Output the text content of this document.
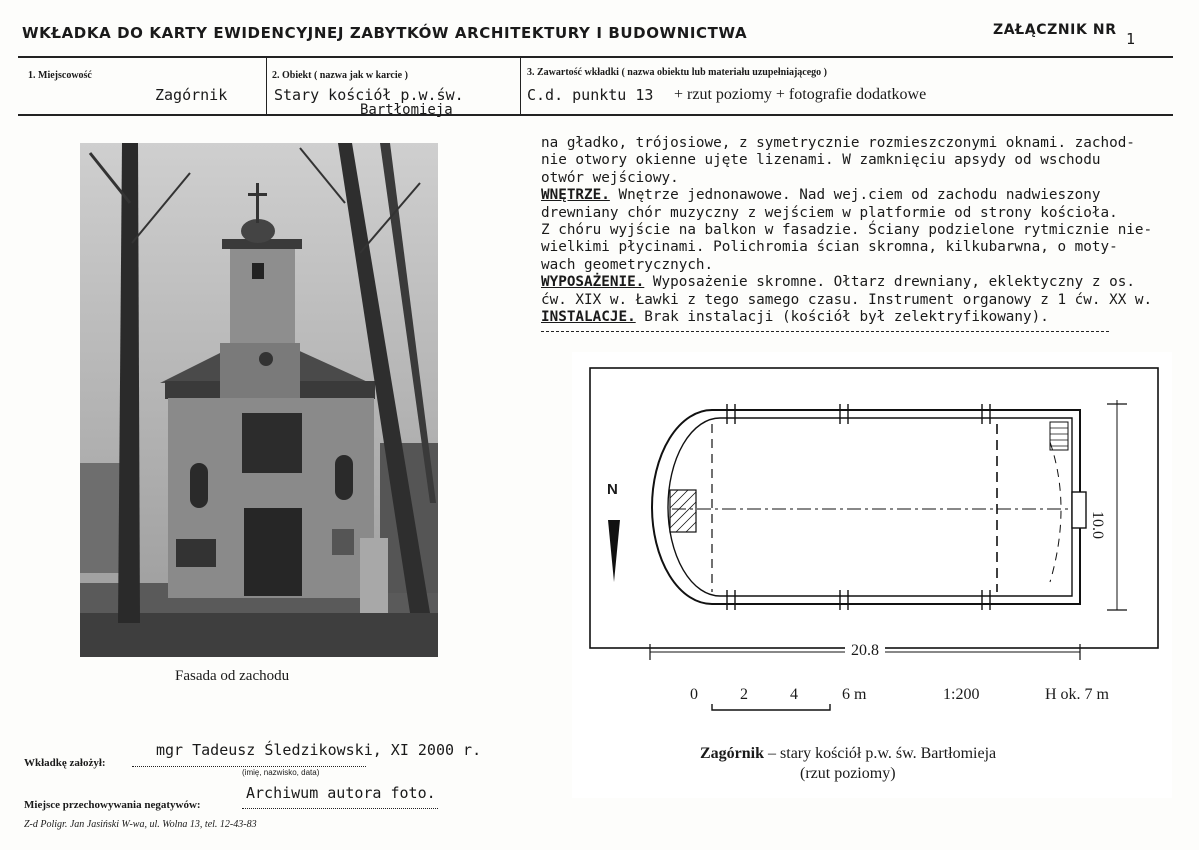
WKŁADKA DO KARTY EWIDENCYJNEJ ZABYTKÓW ARCHITEKTURY I BUDOWNICTWA	ZAŁĄCZNIK NR 1
1. Miejscowość
Zagórnik
2. Obiekt ( nazwa jak w karcie )
Stary kościół p.w.św.
Bartłomieja
3. Zawartość wkładki ( nazwa obiektu lub materiału uzupełniającego )
C.d. punktu 13 + rzut poziomy + fotografie dodatkowe
Fasada od zachodu
na gładko, trójosiowe, z symetrycznie rozmieszczonymi oknami. zachod-
nie otwory okienne ujęte lizenami. W zamknięciu apsydy od wschodu
otwór wejściowy.
WNĘTRZE. Wnętrze jednonawowe. Nad wej.ciem od zachodu nadwieszony
drewniany chór muzyczny z wejściem w platformie od strony kościoła.
Z chóru wyjście na balkon w fasadzie. Ściany podzielone rytmicznie nie-
wielkimi płycinami. Polichromia ścian skromna, kilkubarwna, o moty-
wach geometrycznych.
WYPOSAŻENIE. Wyposażenie skromne. Ołtarz drewniany, eklektyczny z os.
ćw. XIX w. Ławki z tego samego czasu. Instrument organowy z 1 ćw. XX w.
INSTALACJE. Brak instalacji (kościół był zelektryfikowany).
N
10.0
20.8
0	2	4	6 m	1:200	H ok. 7 m
Zagórnik – stary kościół p.w. św. Bartłomieja
(rzut poziomy)
mgr Tadeusz Śledzikowski, XI 2000 r.
Wkładkę założył:
(imię, nazwisko, data)
Archiwum autora foto.
Miejsce przechowywania negatywów:
Z-d Poligr. Jan Jasiński W-wa, ul. Wolna 13, tel. 12-43-83
